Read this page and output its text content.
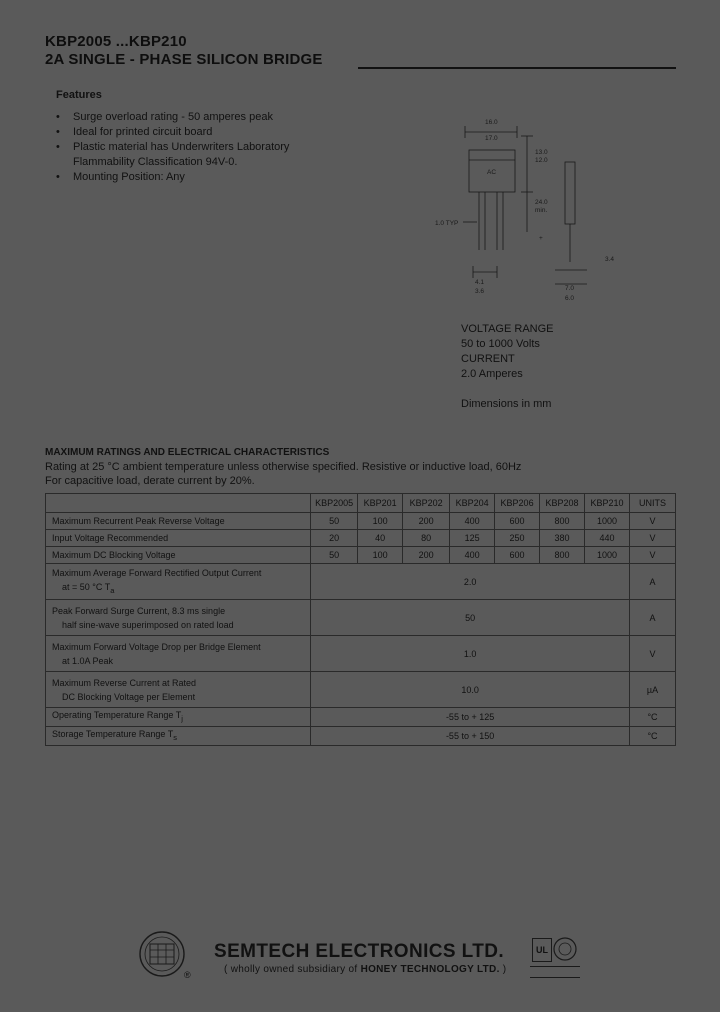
KBP2005 ...KBP210
2A SINGLE - PHASE SILICON BRIDGE
Features
• Surge overload rating - 50 amperes peak
• Ideal for printed circuit board
• Plastic material has Underwriters Laboratory Flammability Classification 94V-0.
• Mounting Position: Any
16.0
17.0
13.0
12.0
AC
24.0
min.
1.0 TYP
4.1
3.6	7.0
6.0
3.4
+
VOLTAGE RANGE
50 to 1000 Volts
CURRENT
2.0 Amperes
Dimensions in mm
MAXIMUM RATINGS AND ELECTRICAL CHARACTERISTICS
Rating at 25 °C ambient temperature unless otherwise specified. Resistive or inductive load, 60Hz
For capacitive load, derate current by 20%.
	KBP2005	KBP201	KBP202	KBP204	KBP206	KBP208	KBP210	UNITS
Maximum Recurrent Peak Reverse Voltage	50	100	200	400	600	800	1000	V
Input Voltage Recommended	20	40	80	125	250	380	440	V
Maximum DC Blocking Voltage	50	100	200	400	600	800	1000	V

Maximum Average Forward Rectified Output Current
at = 50 °C $T_a$	2.0							A

Peak Forward Surge Current, 8.3 ms single
half sine-wave superimposed on rated load	50							A

Maximum Forward Voltage Drop per Bridge Element
at 1.0A Peak	1.0							V

Maximum Reverse Current at Rated
DC Blocking Voltage per Element	10.0							µA
Operating Temperature Range $T_j$	-55 to + 125							°C
Storage Temperature Range $T_s$	-55 to + 150							°C
®
SEMTECH ELECTRONICS LTD.
( wholly owned subsidiary of HONEY TECHNOLOGY LTD. )
UL
